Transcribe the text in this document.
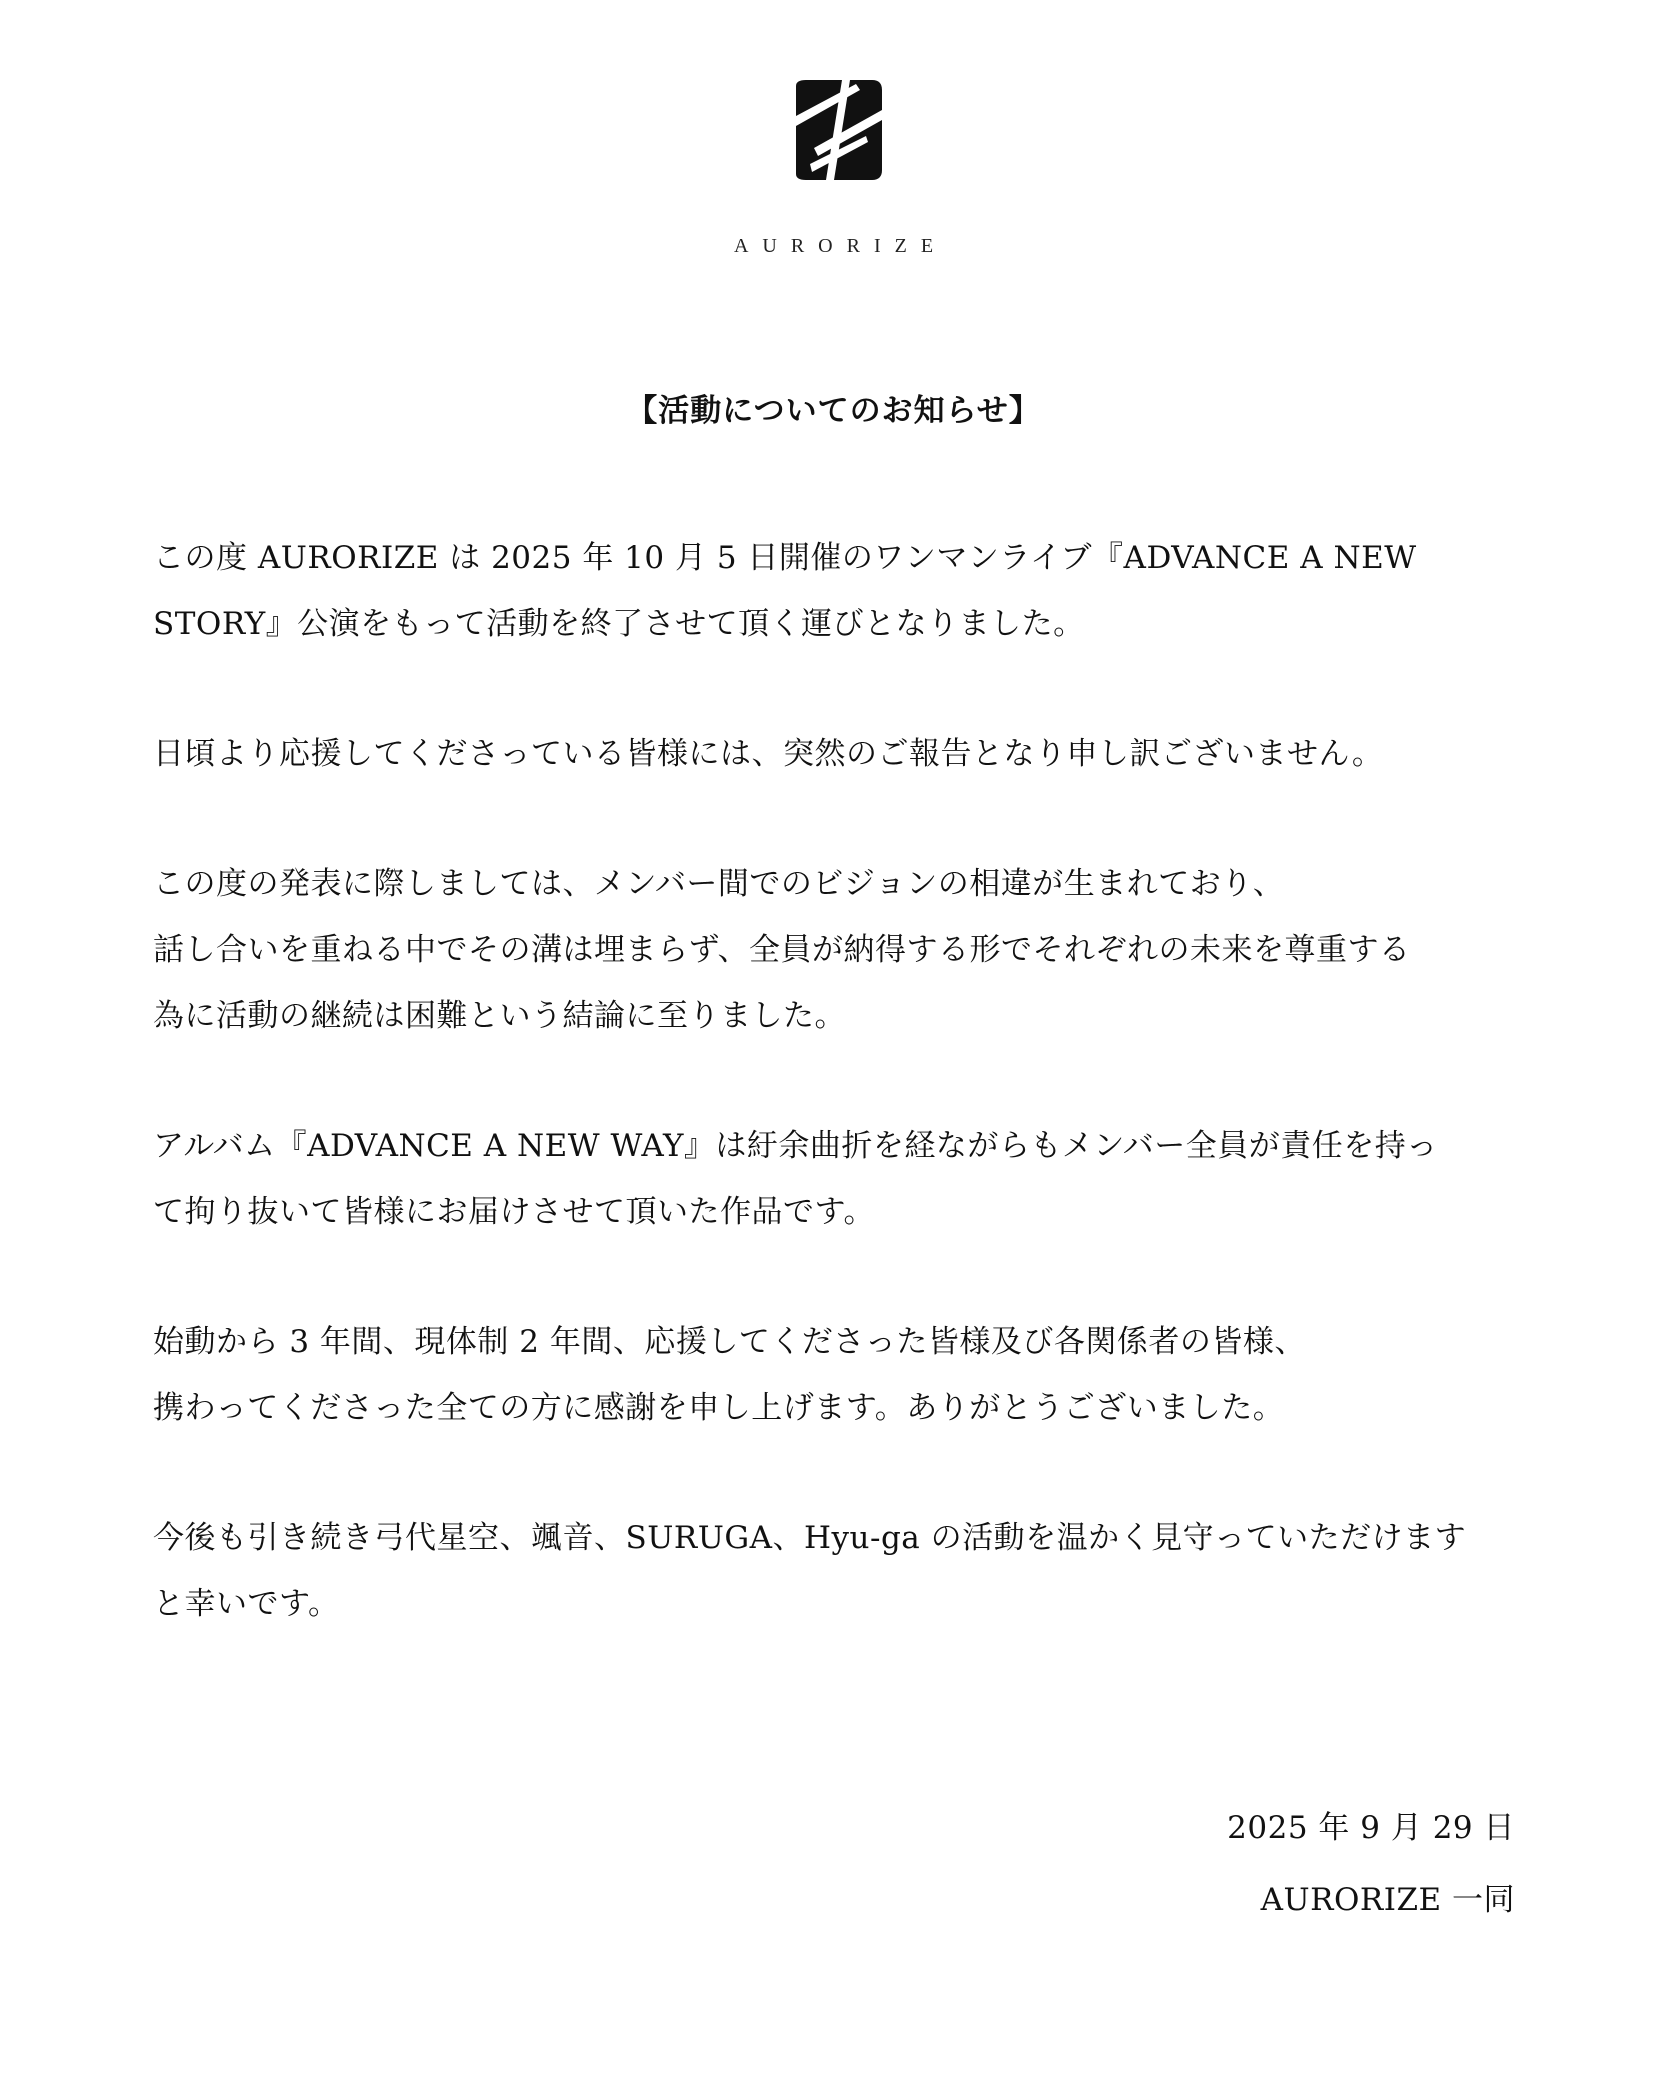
AURORIZE
【活動についてのお知らせ】
この度 AURORIZE は 2025 年 10 月 5 日開催のワンマンライブ『ADVANCE A NEW
STORY』公演をもって活動を終了させて頂く運びとなりました。
日頃より応援してくださっている皆様には、突然のご報告となり申し訳ございません。
この度の発表に際しましては、メンバー間でのビジョンの相違が生まれており、
話し合いを重ねる中でその溝は埋まらず、全員が納得する形でそれぞれの未来を尊重する
為に活動の継続は困難という結論に至りました。
アルバム『ADVANCE A NEW WAY』は紆余曲折を経ながらもメンバー全員が責任を持っ
て拘り抜いて皆様にお届けさせて頂いた作品です。
始動から 3 年間、現体制 2 年間、応援してくださった皆様及び各関係者の皆様、
携わってくださった全ての方に感謝を申し上げます。ありがとうございました。
今後も引き続き弓代星空、颯音、SURUGA、Hyu-ga の活動を温かく見守っていただけます
と幸いです。
2025 年 9 月 29 日
AURORIZE 一同
